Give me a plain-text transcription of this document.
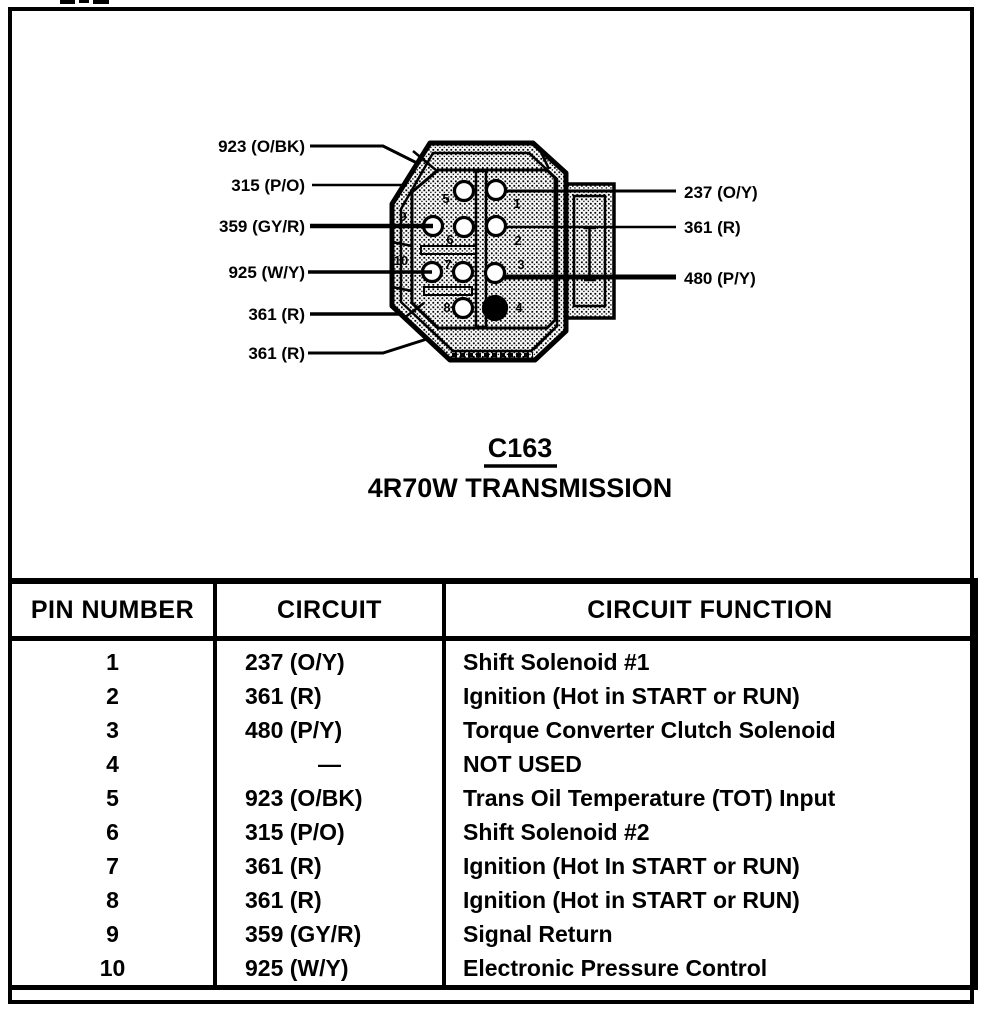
5	1
9
6	2
10	7	3
8	4
923 (O/BK)
315 (P/O)
359 (GY/R)
925 (W/Y)
361 (R)
361 (R)
237 (O/Y)
361 (R)
480 (P/Y)
C163
4R70W TRANSMISSION
PIN NUMBER	CIRCUIT	CIRCUIT FUNCTION
1	237 (O/Y)	Shift Solenoid #1
2	361 (R)	Ignition (Hot in START or RUN)
3	480 (P/Y)	Torque Converter Clutch Solenoid
4	—	NOT USED
5	923 (O/BK)	Trans Oil Temperature (TOT) Input
6	315 (P/O)	Shift Solenoid #2
7	361 (R)	Ignition (Hot In START or RUN)
8	361 (R)	Ignition (Hot in START or RUN)
9	359 (GY/R)	Signal Return
10	925 (W/Y)	Electronic Pressure Control
